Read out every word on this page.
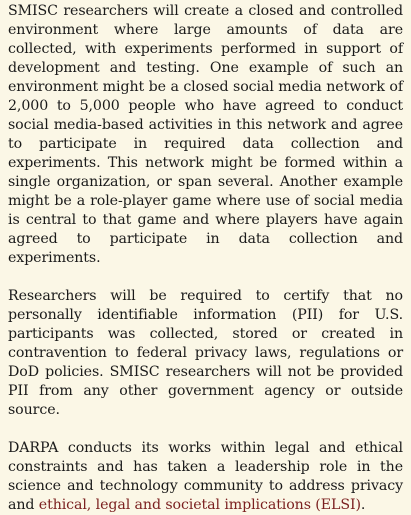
SMISC researchers will create a closed and controlled environment where large amounts of data are collected, with experiments performed in support of development and testing. One example of such an environment might be a closed social media network of 2,000 to 5,000 people who have agreed to conduct social media-based activities in this network and agree to participate in required data collection and experiments. This network might be formed within a single organization, or span several. Another example might be a role-player game where use of social media is central to that game and where players have again agreed to participate in data collection and experiments.

Researchers will be required to certify that no personally identifiable information (PII) for U.S. participants was collected, stored or created in contravention to federal privacy laws, regulations or DoD policies. SMISC researchers will not be provided PII from any other government agency or outside source.

DARPA conducts its works within legal and ethical constraints and has taken a leadership role in the science and technology community to address privacy and ethical, legal and societal implications (ELSI).
